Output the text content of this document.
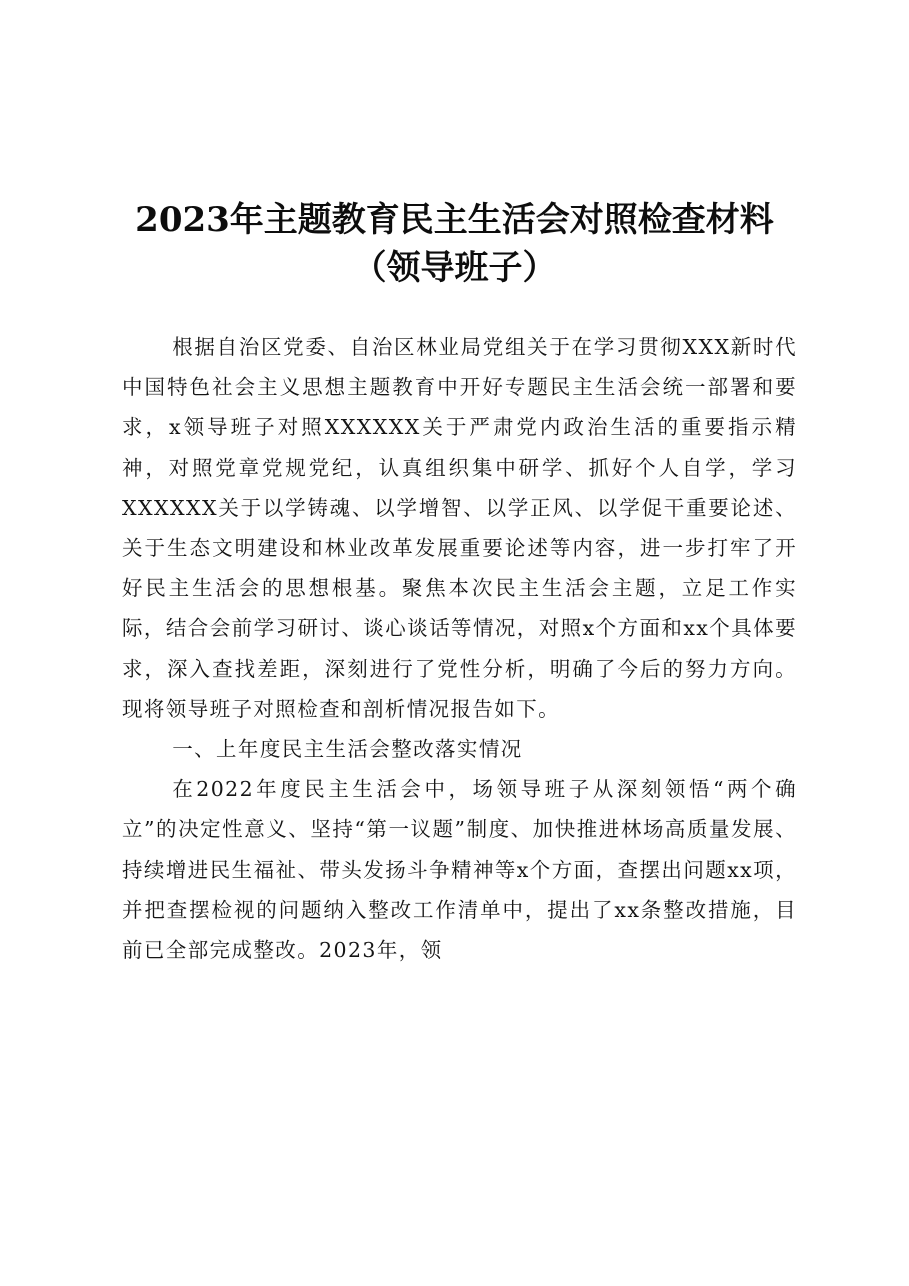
2023年主题教育民主生活会对照检查材料
（领导班子）

根据自治区党委、自治区林业局党组关于在学习贯彻XXX新时代中国特色社会主义思想主题教育中开好专题民主生活会统一部署和要求，x领导班子对照XXXXXX关于严肃党内政治生活的重要指示精神，对照党章党规党纪，认真组织集中研学、抓好个人自学，学习XXXXXX关于以学铸魂、以学增智、以学正风、以学促干重要论述、关于生态文明建设和林业改革发展重要论述等内容，进一步打牢了开好民主生活会的思想根基。聚焦本次民主生活会主题，立足工作实际，结合会前学习研讨、谈心谈话等情况，对照x个方面和xx个具体要求，深入查找差距，深刻进行了党性分析，明确了今后的努力方向。现将领导班子对照检查和剖析情况报告如下。

一、上年度民主生活会整改落实情况

在2022年度民主生活会中，场领导班子从深刻领悟“两个确立”的决定性意义、坚持“第一议题”制度、加快推进林场高质量发展、持续增进民生福祉、带头发扬斗争精神等x个方面，查摆出问题xx项，并把查摆检视的问题纳入整改工作清单中，提出了xx条整改措施，目前已全部完成整改。2023年，领
